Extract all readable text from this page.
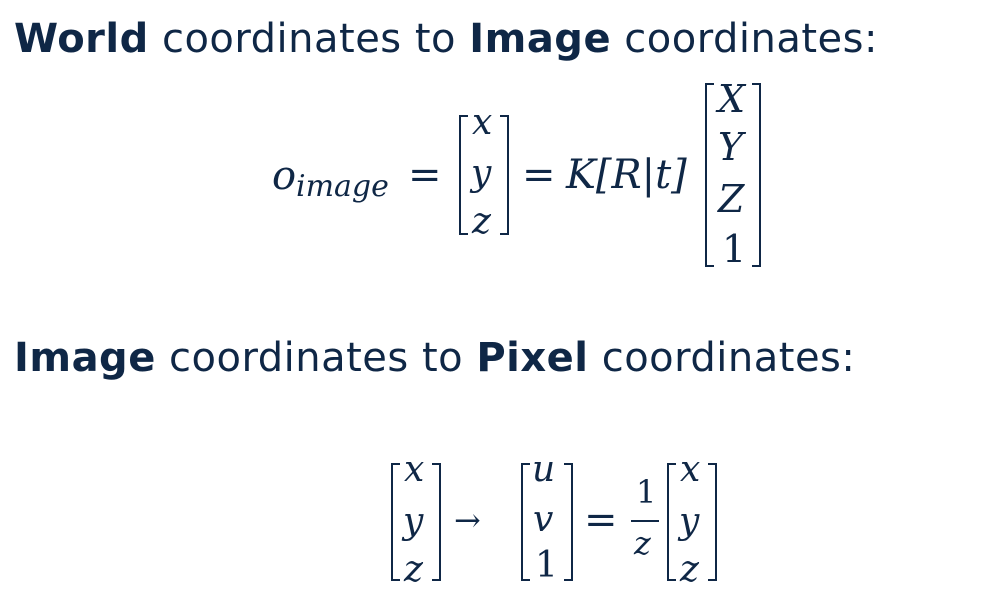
World coordinates to Image coordinates:
o image =
x
y
z
= K[R|t]
X
Y
Z
1
Image coordinates to Pixel coordinates:
x
y
z
→
u
v
1
=
1
z
x
y
z
